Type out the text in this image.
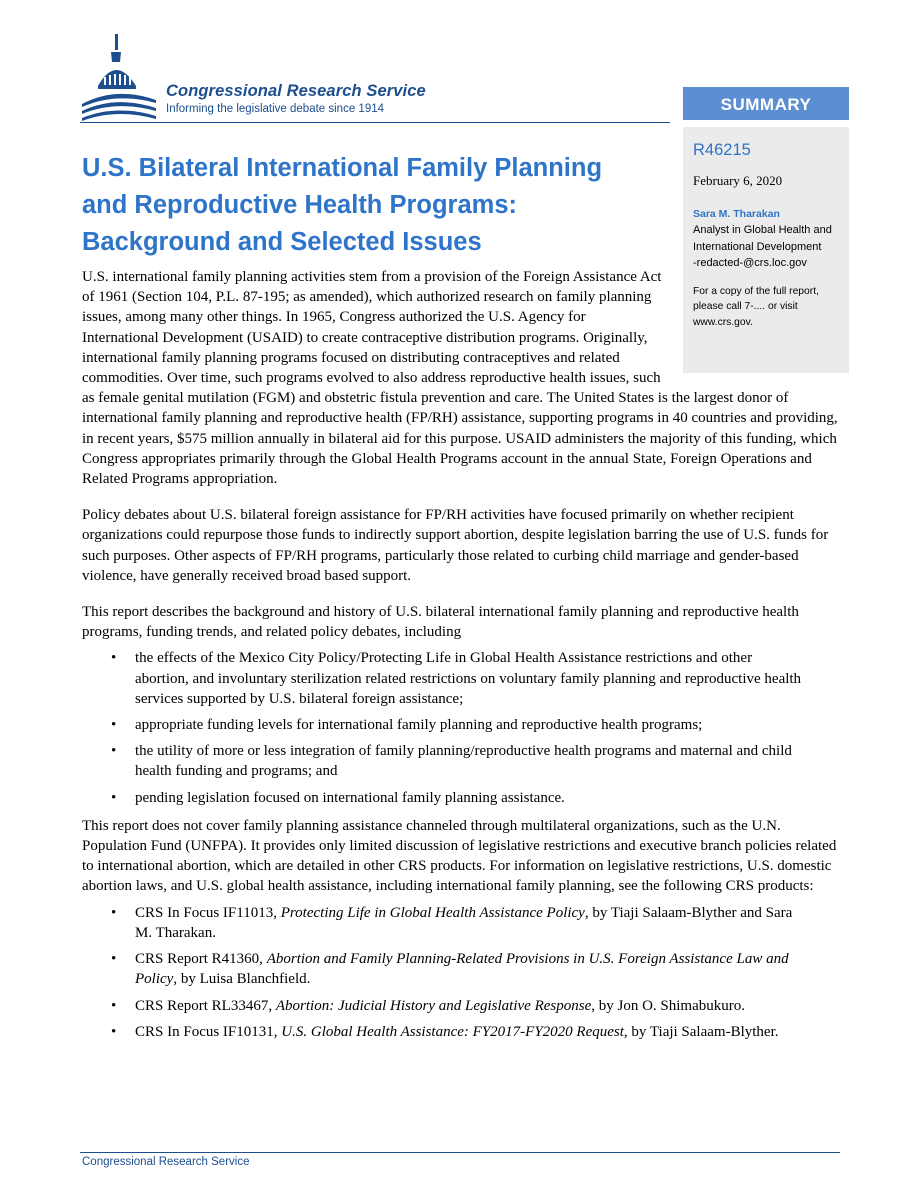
Congressional Research Service
Informing the legislative debate since 1914	SUMMARY
R46215
February 6, 2020
Sara M. Tharakan
Analyst in Global Health and International Development
-redacted-@crs.loc.gov
For a copy of the full report, please call 7-.... or visit www.crs.gov.
U.S. Bilateral International Family Planning
and Reproductive Health Programs:
Background and Selected Issues

U.S. international family planning activities stem from a provision of the Foreign Assistance Act of 1961 (Section 104, P.L. 87-195; as amended), which authorized research on family planning issues, among many other things. In 1965, Congress authorized the U.S. Agency for International Development (USAID) to create contraceptive distribution programs. Originally, international family planning programs focused on distributing contraceptives and related commodities. Over time, such programs evolved to also address reproductive health issues, such as female genital mutilation (FGM) and obstetric fistula prevention and care. The United States is the largest donor of international family planning and reproductive health (FP/RH) assistance, supporting programs in 40 countries and providing, in recent years, $575 million annually in bilateral aid for this purpose. USAID administers the majority of this funding, which Congress appropriates primarily through the Global Health Programs account in the annual State, Foreign Operations and Related Programs appropriation.

Policy debates about U.S. bilateral foreign assistance for FP/RH activities have focused primarily on whether recipient organizations could repurpose those funds to indirectly support abortion, despite legislation barring the use of U.S. funds for such purposes. Other aspects of FP/RH programs, particularly those related to curbing child marriage and gender-based violence, have generally received broad based support.

This report describes the background and history of U.S. bilateral international family planning and reproductive health programs, funding trends, and related policy debates, including

• the effects of the Mexico City Policy/Protecting Life in Global Health Assistance restrictions and other abortion, and involuntary sterilization related restrictions on voluntary family planning and reproductive health services supported by U.S. bilateral foreign assistance;
• appropriate funding levels for international family planning and reproductive health programs;
• the utility of more or less integration of family planning/reproductive health programs and maternal and child health funding and programs; and
• pending legislation focused on international family planning assistance.

This report does not cover family planning assistance channeled through multilateral organizations, such as the U.N. Population Fund (UNFPA). It provides only limited discussion of legislative restrictions and executive branch policies related to international abortion, which are detailed in other CRS products. For information on legislative restrictions, U.S. domestic abortion laws, and U.S. global health assistance, including international family planning, see the following CRS products:

• CRS In Focus IF11013, Protecting Life in Global Health Assistance Policy, by Tiaji Salaam-Blyther and Sara M. Tharakan.
• CRS Report R41360, Abortion and Family Planning-Related Provisions in U.S. Foreign Assistance Law and Policy, by Luisa Blanchfield.
• CRS Report RL33467, Abortion: Judicial History and Legislative Response, by Jon O. Shimabukuro.
• CRS In Focus IF10131, U.S. Global Health Assistance: FY2017-FY2020 Request, by Tiaji Salaam-Blyther.
Congressional Research Service
